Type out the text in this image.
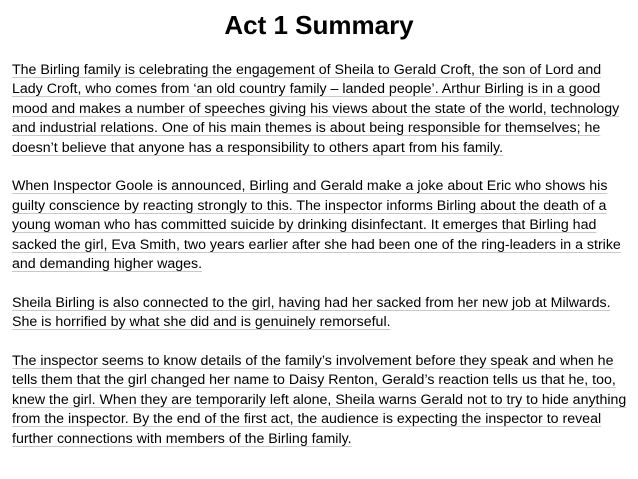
Act 1 Summary

The Birling family is celebrating the engagement of Sheila to Gerald Croft, the son of Lord and Lady Croft, who comes from ‘an old country family – landed people’. Arthur Birling is in a good mood and makes a number of speeches giving his views about the state of the world, technology and industrial relations. One of his main themes is about being responsible for themselves; he doesn’t believe that anyone has a responsibility to others apart from his family.

When Inspector Goole is announced, Birling and Gerald make a joke about Eric who shows his guilty conscience by reacting strongly to this. The inspector informs Birling about the death of a young woman who has committed suicide by drinking disinfectant. It emerges that Birling had sacked the girl, Eva Smith, two years earlier after she had been one of the ring-leaders in a strike and demanding higher wages.

Sheila Birling is also connected to the girl, having had her sacked from her new job at Milwards. She is horrified by what she did and is genuinely remorseful.

The inspector seems to know details of the family’s involvement before they speak and when he tells them that the girl changed her name to Daisy Renton, Gerald’s reaction tells us that he, too, knew the girl. When they are temporarily left alone, Sheila warns Gerald not to try to hide anything from the inspector. By the end of the first act, the audience is expecting the inspector to reveal further connections with members of the Birling family.
